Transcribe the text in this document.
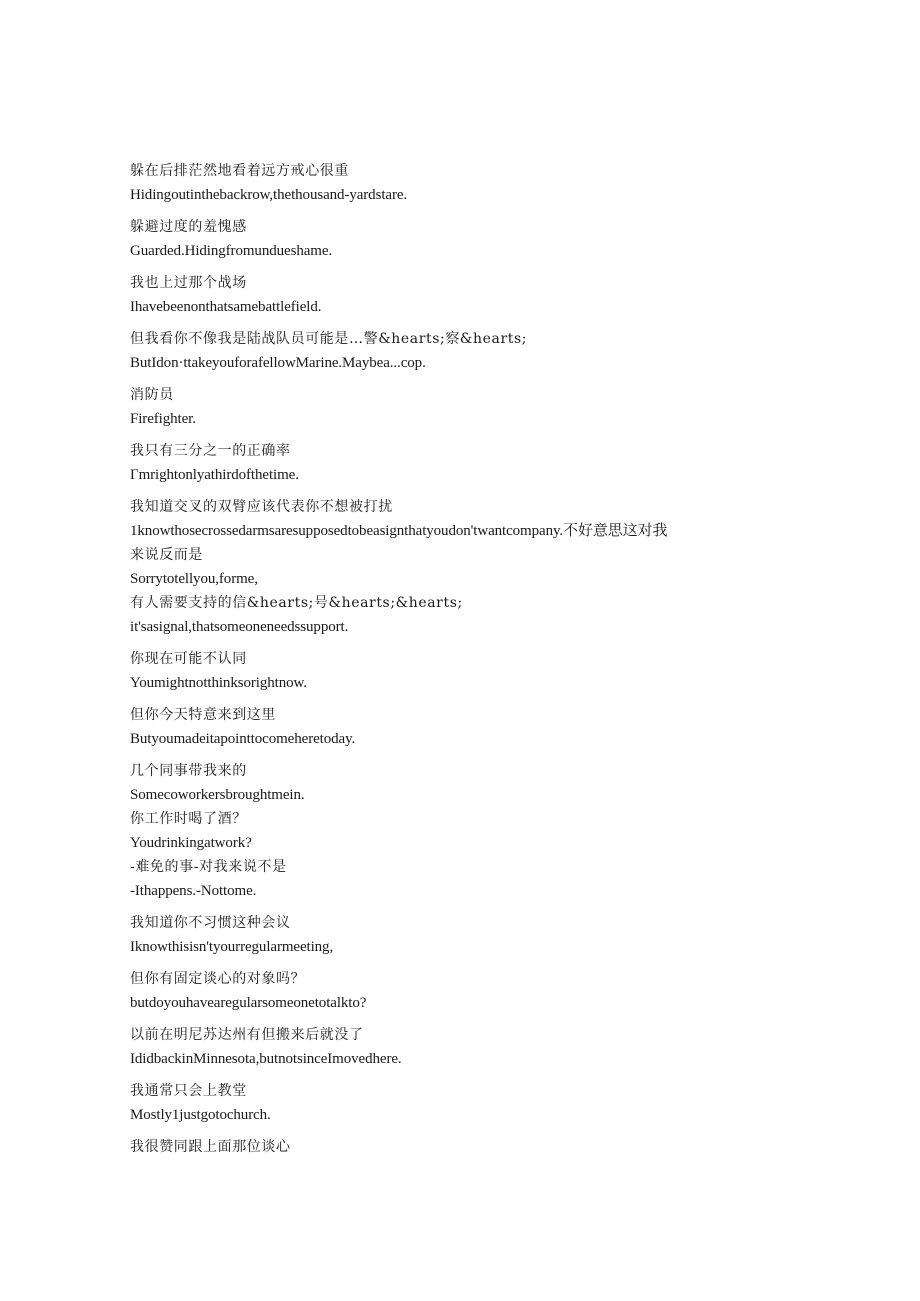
躲在后排茫然地看着远方戒心很重
Hidingoutinthebackrow,thethousand-yardstare.
躲避过度的羞愧感
Guarded.Hidingfromundueshame.
我也上过那个战场
Ihavebeenonthatsamebattlefield.
但我看你不像我是陆战队员可能是…警&hearts;察&hearts;
ButIdon·ttakeyouforafellowMarine.Maybea...cop.
消防员
Firefighter.
我只有三分之一的正确率
Γmrightonlyathirdofthetime.
我知道交叉的双臂应该代表你不想被打扰
1knowthosecrossedarmsaresupposedtobeasignthatyoudon'twantcompany.不好意思这对我
来说反而是
Sorrytotellyou,forme,
有人需要支持的信&hearts;号&hearts;&hearts;
it'sasignal,thatsomeoneneedssupport.
你现在可能不认同
Youmightnotthinksorightnow.
但你今天特意来到这里
Butyoumadeitapointtocomeheretoday.
几个同事带我来的
Somecoworkersbroughtmein.
你工作时喝了酒？
Youdrinkingatwork?
-难免的事-对我来说不是
-Ithappens.-Nottome.
我知道你不习惯这种会议
Iknowthisisn'tyourregularmeeting,
但你有固定谈心的对象吗？
butdoyouhavearegularsomeonetotalkto?
以前在明尼苏达州有但搬来后就没了
IdidbackinMinnesota,butnotsinceImovedhere.
我通常只会上教堂
Mostly1justgotochurch.
我很赞同跟上面那位谈心
